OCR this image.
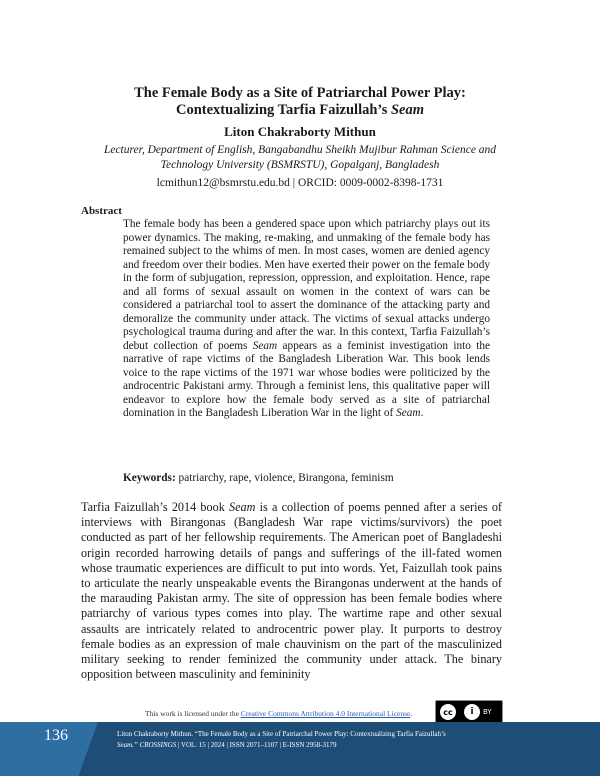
The Female Body as a Site of Patriarchal Power Play:
Contextualizing Tarfia Faizullah’s Seam
Liton Chakraborty Mithun
Lecturer, Department of English, Bangabandhu Sheikh Mujibur Rahman Science and
Technology University (BSMRSTU), Gopalganj, Bangladesh
lcmithun12@bsmrstu.edu.bd | ORCID: 0009-0002-8398-1731
Abstract

The female body has been a gendered space upon which patriarchy plays out its power dynamics. The making, re-making, and unmaking of the female body has remained subject to the whims of men. In most cases, women are denied agency and freedom over their bodies. Men have exerted their power on the female body in the form of subjugation, repression, oppression, and exploitation. Hence, rape and all forms of sexual assault on women in the context of wars can be considered a patriarchal tool to assert the dominance of the attacking party and demoralize the community under attack. The victims of sexual attacks undergo psychological trauma during and after the war. In this context, Tarfia Faizullah’s debut collection of poems Seam appears as a feminist investigation into the narrative of rape victims of the Bangladesh Liberation War. This book lends voice to the rape victims of the 1971 war whose bodies were politicized by the androcentric Pakistani army. Through a feminist lens, this qualitative paper will endeavor to explore how the female body served as a site of patriarchal domination in the Bangladesh Liberation War in the light of Seam.

Keywords: patriarchy, rape, violence, Birangona, feminism

Tarfia Faizullah’s 2014 book Seam is a collection of poems penned after a series of interviews with Birangonas (Bangladesh War rape victims/survivors) the poet conducted as part of her fellowship requirements. The American poet of Bangladeshi origin recorded harrowing details of pangs and sufferings of the ill-fated women whose traumatic experiences are difficult to put into words. Yet, Faizullah took pains to articulate the nearly unspeakable events the Birangonas underwent at the hands of the marauding Pakistan army. The site of oppression has been female bodies where patriarchy of various types comes into play. The wartime rape and other sexual assaults are intricately related to androcentric power play. It purports to destroy female bodies as an expression of male chauvinism on the part of the masculinized military seeking to render feminized the community under attack. The binary opposition between masculinity and femininity

This work is licensed under the Creative Commons Attribution 4.0 International License.	cc	i	BY
136	Liton Chakraborty Mithun. “The Female Body as a Site of Patriarchal Power Play: Contextualizing Tarfia Faizullah’s
Seam.” CROSSINGS | VOL. 15 | 2024 | ISSN 2071–1107 | E-ISSN 2958-3179
